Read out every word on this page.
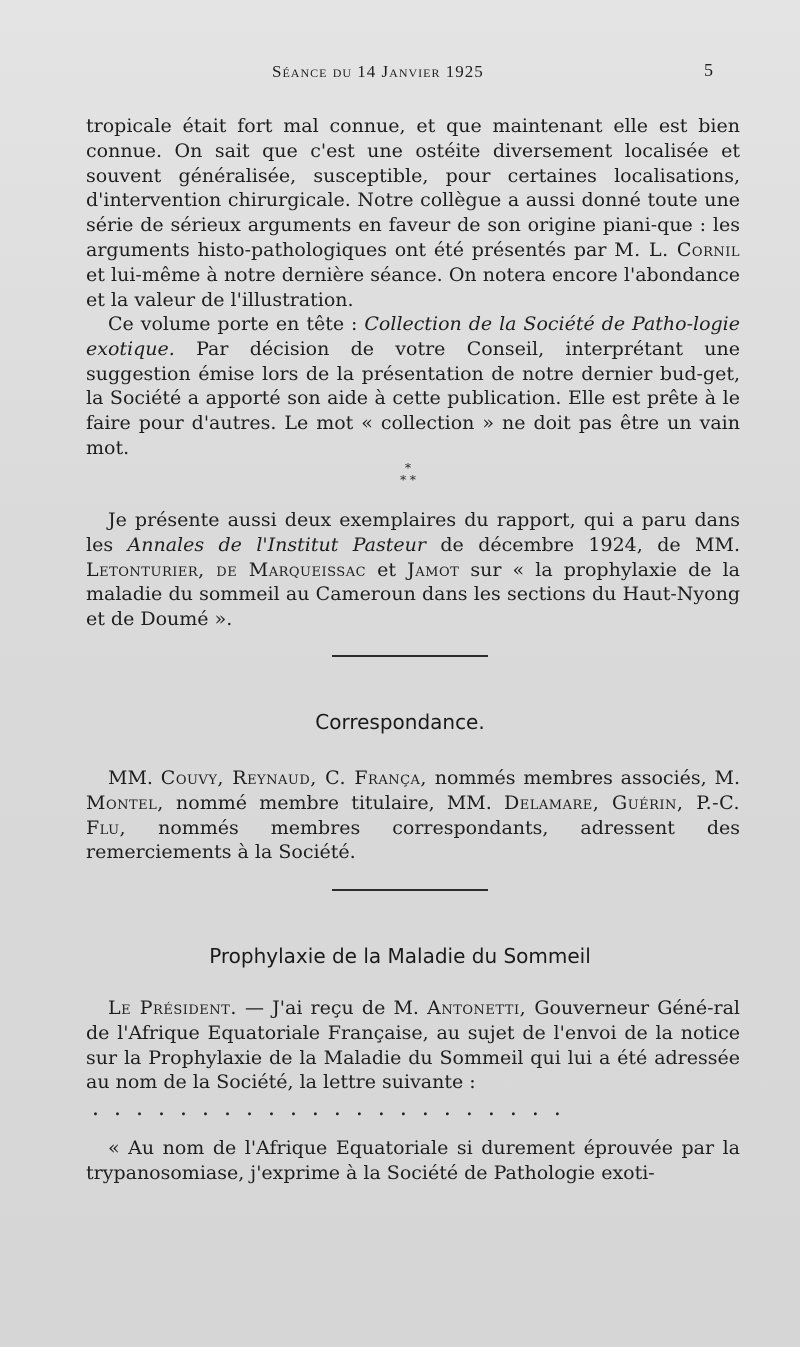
Séance du 14 Janvier 1925	5

tropicale était fort mal connue, et que maintenant elle est bien connue. On sait que c'est une ostéite diversement localisée et souvent généralisée, susceptible, pour certaines localisations, d'intervention chirurgicale. Notre collègue a aussi donné toute une série de sérieux arguments en faveur de son origine piani-que : les arguments histo-pathologiques ont été présentés par M. L. Cornil et lui-même à notre dernière séance. On notera encore l'abondance et la valeur de l'illustration.

Ce volume porte en tête : Collection de la Société de Patho-logie exotique. Par décision de votre Conseil, interprétant une suggestion émise lors de la présentation de notre dernier bud-get, la Société a apporté son aide à cette publication. Elle est prête à le faire pour d'autres. Le mot « collection » ne doit pas être un vain mot.

*
* *

Je présente aussi deux exemplaires du rapport, qui a paru dans les Annales de l'Institut Pasteur de décembre 1924, de MM. Letonturier, de Marqueissac et Jamot sur « la prophylaxie de la maladie du sommeil au Cameroun dans les sections du Haut-Nyong et de Doumé ».

Correspondance.

MM. Couvy, Reynaud, C. França, nommés membres associés, M. Montel, nommé membre titulaire, MM. Delamare, Guérin, P.-C. Flu, nommés membres correspondants, adressent des remerciements à la Société.

Prophylaxie de la Maladie du Sommeil

Le Président. — J'ai reçu de M. Antonetti, Gouverneur Géné-ral de l'Afrique Equatoriale Française, au sujet de l'envoi de la notice sur la Prophylaxie de la Maladie du Sommeil qui lui a été adressée au nom de la Société, la lettre suivante :

......................

« Au nom de l'Afrique Equatoriale si durement éprouvée par la trypanosomiase, j'exprime à la Société de Pathologie exoti-
